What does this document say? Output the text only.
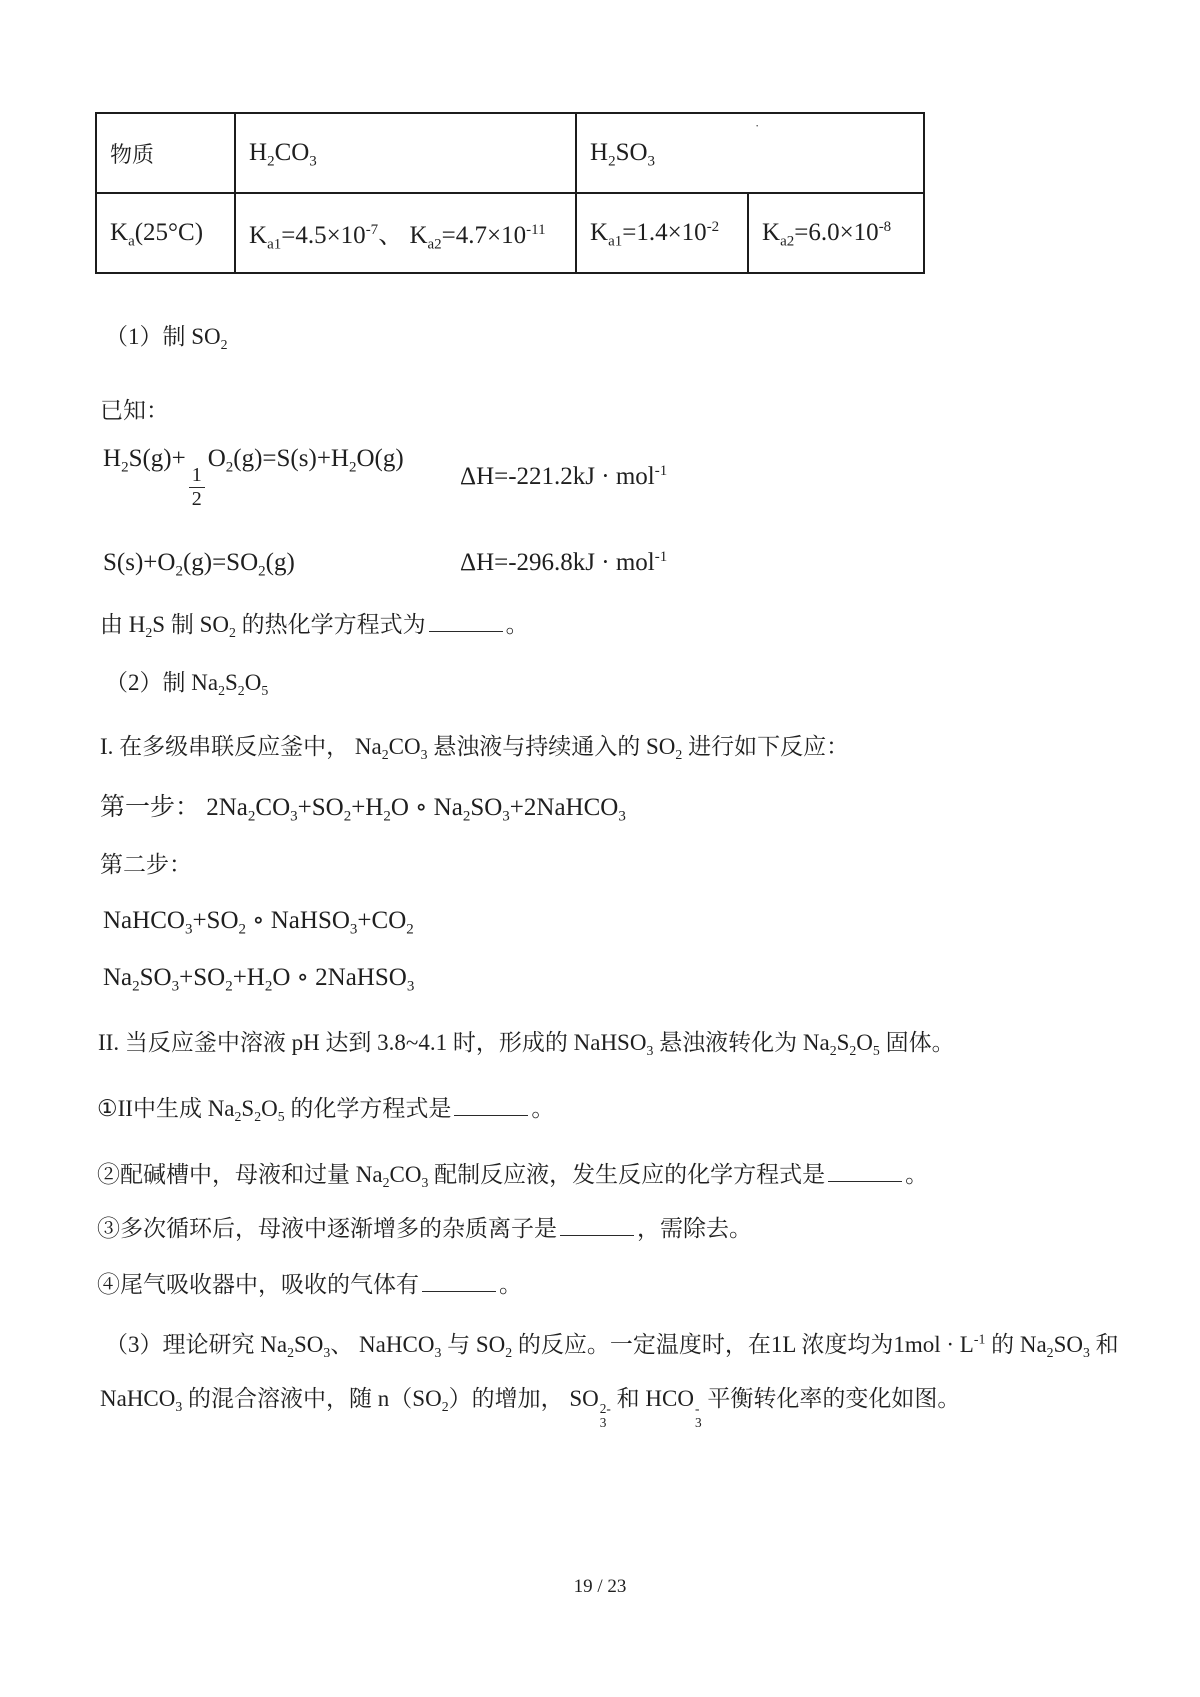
物质	$H_2CO_3$	$H_2SO_3$
·	

$K_a(25^\circ C)$	$K_{a1}=4.5\times 10^{-7}$、 $K_{a2}=4.7\times 10^{-11}$	$K_{a1}=1.4\times 10^{-2}$	$K_{a2}=6.0\times 10^{-8}$
（1）制 $SO_2$
已知：
$H_2S(g)+$
$\frac{1}{2}$
$O_2(g)=S(s)+H_2O(g)$
ΔH=-221.2kJ · mol$^{-1}$
$S(s)+O_2(g)=SO_2(g)$	ΔH=-296.8kJ · mol$^{-1}$
由 $H_2S$ 制 $SO_2$ 的热化学方程式为	。
（2）制 $Na_2S_2O_5$
I. 在多级串联反应釜中， $Na_2CO_3$ 悬浊液与持续通入的 $SO_2$ 进行如下反应：
第一步： $2Na_2CO_3+SO_2+H_2O$ ∘ $Na_2SO_3+2NaHCO_3$
第二步：
$NaHCO_3+SO_2$ ∘ $NaHSO_3+CO_2$
$Na_2SO_3+SO_2+H_2O$ ∘ 2NaHSO$_3$
II. 当反应釜中溶液 pH 达到 3.8~4.1 时，形成的 NaHSO$_3$ 悬浊液转化为 $Na_2S_2O_5$ 固体。
①II中生成 $Na_2S_2O_5$ 的化学方程式是	。
②配碱槽中，母液和过量 $Na_2CO_3$ 配制反应液，发生反应的化学方程式是	。
③多次循环后，母液中逐渐增多的杂质离子是	，需除去。
④尾气吸收器中，吸收的气体有	。
（3）理论研究 $Na_2SO_3$、 NaHCO$_3$ 与 $SO_2$ 的反应。一定温度时，在1L 浓度均为$1mol \cdot L^{-1}$ 的 $Na_2SO_3$ 和
NaHCO$_3$ 的混合溶液中，随 $n(SO_2)$的增加， SO 2-
3
和 HCO -
3
平衡转化率的变化如图。
19 / 23
